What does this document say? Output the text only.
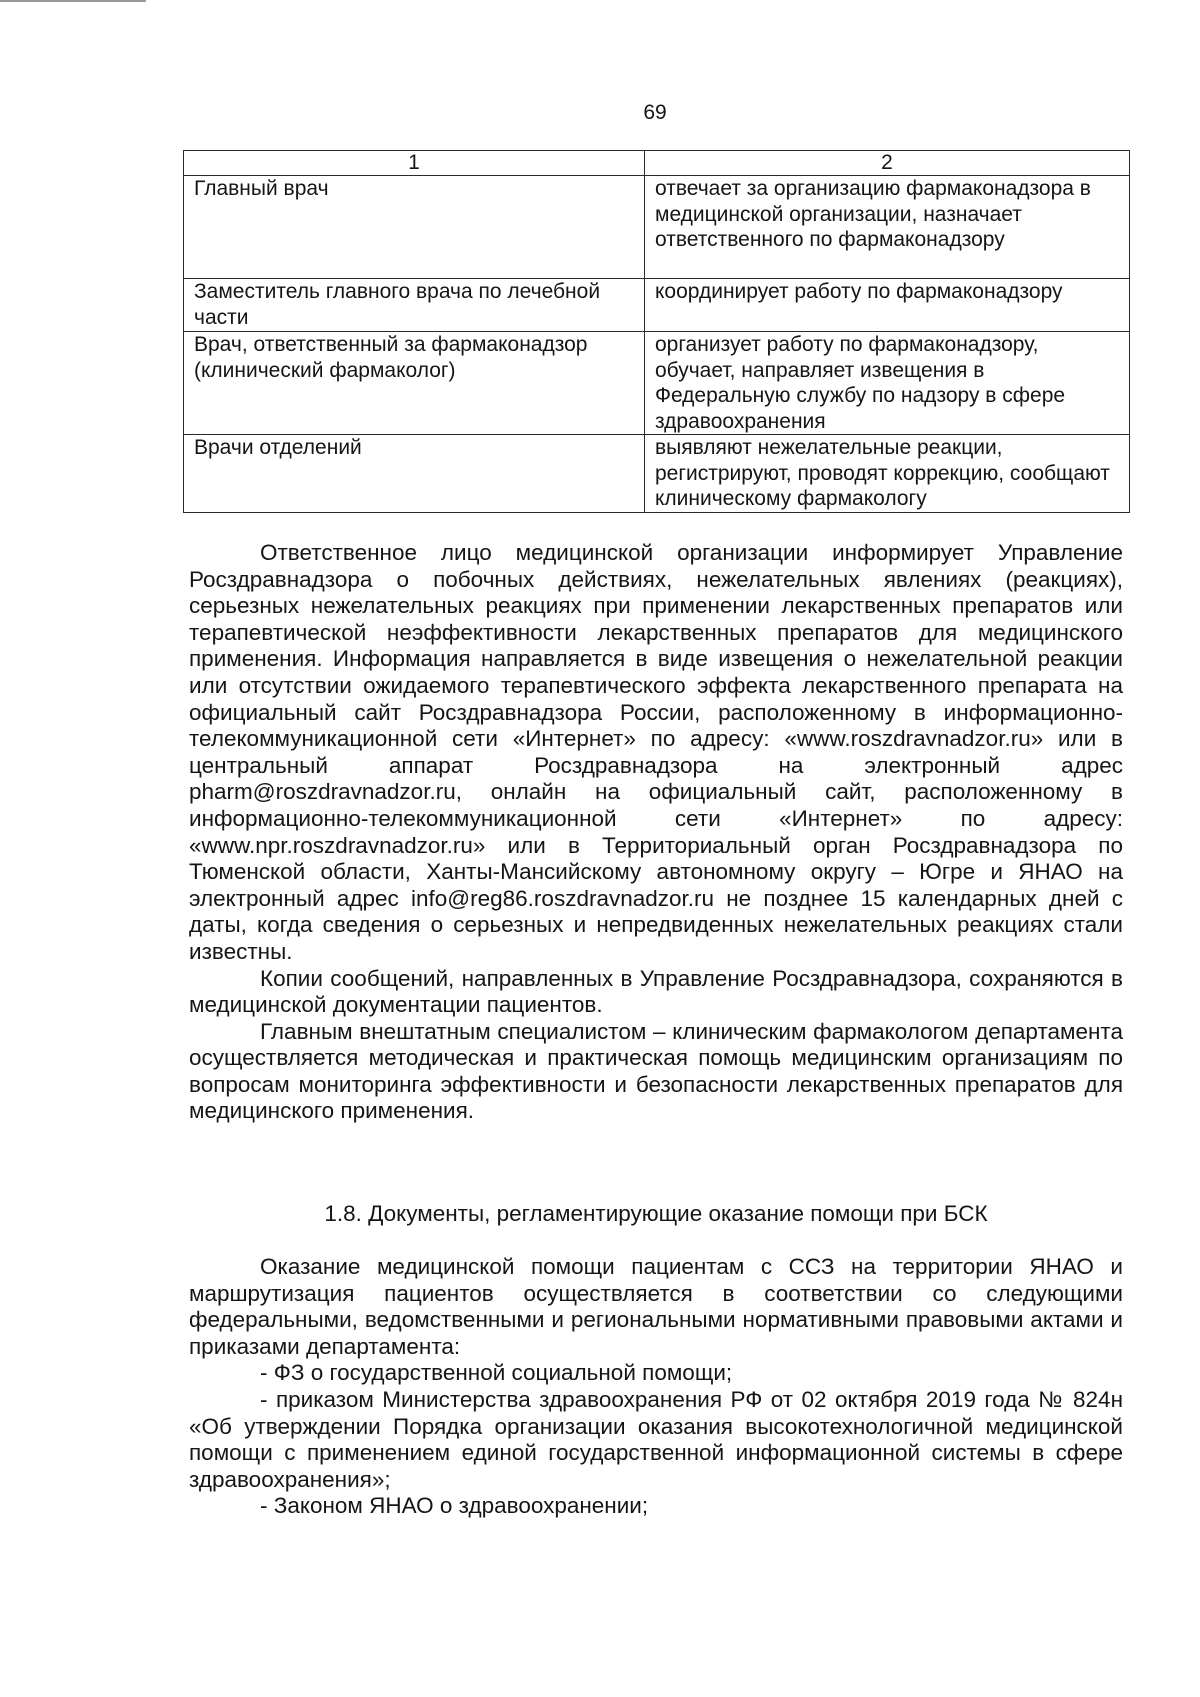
69
1	2
Главный врач	отвечает за организацию фармаконадзора в медицинской организации, назначает ответственного по фармаконадзору
Заместитель главного врача по лечебной части	координирует работу по фармаконадзору
Врач, ответственный за фармаконадзор (клинический фармаколог)	организует работу по фармаконадзору, обучает, направляет извещения в Федеральную службу по надзору в сфере здравоохранения
Врачи отделений	выявляют нежелательные реакции, регистрируют, проводят коррекцию, сообщают клиническому фармакологу

Ответственное лицо медицинской организации информирует Управление Росздравнадзора о побочных действиях, нежелательных явлениях (реакциях), серьезных нежелательных реакциях при применении лекарственных препаратов или терапевтической неэффективности лекарственных препаратов для медицинского применения. Информация направляется в виде извещения о нежелательной реакции или отсутствии ожидаемого терапевтического эффекта лекарственного препарата на официальный сайт Росздравнадзора России, расположенному в информационно-телекоммуникационной сети «Интернет» по адресу: «www.roszdravnadzor.ru» или в центральный аппарат Росздравнадзора на электронный адрес pharm@roszdravnadzor.ru, онлайн на официальный сайт, расположенному в информационно-телекоммуникационной сети «Интернет» по адресу: «www.npr.roszdravnadzor.ru» или в Территориальный орган Росздравнадзора по Тюменской области, Ханты-Мансийскому автономному округу – Югре и ЯНАО на электронный адрес info@reg86.roszdravnadzor.ru не позднее 15 календарных дней с даты, когда сведения о серьезных и непредвиденных нежелательных реакциях стали известны.

Копии сообщений, направленных в Управление Росздравнадзора, сохраняются в медицинской документации пациентов.

Главным внештатным специалистом – клиническим фармакологом департамента осуществляется методическая и практическая помощь медицинским организациям по вопросам мониторинга эффективности и безопасности лекарственных препаратов для медицинского применения.

1.8. Документы, регламентирующие оказание помощи при БСК

Оказание медицинской помощи пациентам с ССЗ на территории ЯНАО и маршрутизация пациентов осуществляется в соответствии со следующими федеральными, ведомственными и региональными нормативными правовыми актами и приказами департамента:

- ФЗ о государственной социальной помощи;

- приказом Министерства здравоохранения РФ от 02 октября 2019 года № 824н «Об утверждении Порядка организации оказания высокотехнологичной медицинской помощи с применением единой государственной информационной системы в сфере здравоохранения»;

- Законом ЯНАО о здравоохранении;
